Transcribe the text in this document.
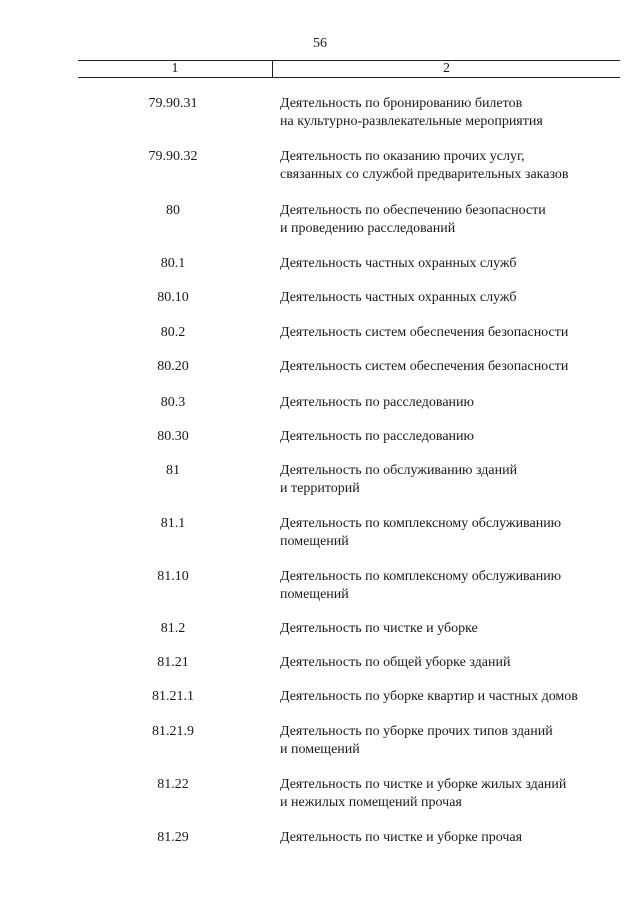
56
1	2
79.90.31	Деятельность по бронированию билетов
на культурно-развлекательные мероприятия
79.90.32	Деятельность по оказанию прочих услуг,
связанных со службой предварительных заказов
80	Деятельность по обеспечению безопасности
и проведению расследований
80.1	Деятельность частных охранных служб
80.10	Деятельность частных охранных служб
80.2	Деятельность систем обеспечения безопасности
80.20	Деятельность систем обеспечения безопасности
80.3	Деятельность по расследованию
80.30	Деятельность по расследованию
81	Деятельность по обслуживанию зданий
и территорий
81.1	Деятельность по комплексному обслуживанию
помещений
81.10	Деятельность по комплексному обслуживанию
помещений
81.2	Деятельность по чистке и уборке
81.21	Деятельность по общей уборке зданий
81.21.1	Деятельность по уборке квартир и частных домов
81.21.9	Деятельность по уборке прочих типов зданий
и помещений
81.22	Деятельность по чистке и уборке жилых зданий
и нежилых помещений прочая
81.29	Деятельность по чистке и уборке прочая
